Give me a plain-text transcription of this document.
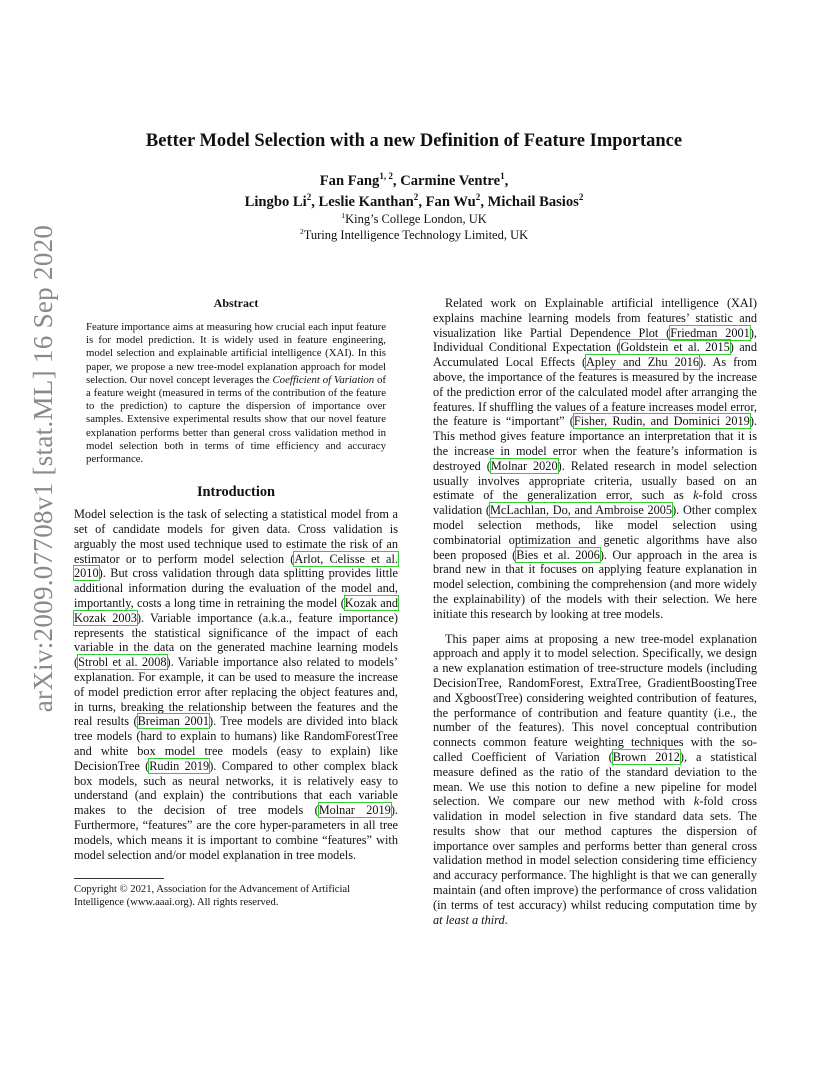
arXiv:2009.07708v1 [stat.ML] 16 Sep 2020
Better Model Selection with a new Definition of Feature Importance
Fan Fang$^{1, 2}$, Carmine Ventre$^1$,
Lingbo Li$^2$, Leslie Kanthan$^2$, Fan Wu$^2$, Michail Basios$^2$
$^1$King’s College London, UK
$^2$Turing Intelligence Technology Limited, UK
Abstract

Feature importance aims at measuring how crucial each input feature is for model prediction. It is widely used in feature engineering, model selection and explainable artificial intelligence (XAI). In this paper, we propose a new tree-model explanation approach for model selection. Our novel concept leverages the Coefficient of Variation of a feature weight (measured in terms of the contribution of the feature to the prediction) to capture the dispersion of importance over samples. Extensive experimental results show that our novel feature explanation performs better than general cross validation method in model selection both in terms of time efficiency and accuracy performance.

Introduction

Model selection is the task of selecting a statistical model from a set of candidate models for given data. Cross validation is arguably the most used technique used to estimate the risk of an estimator or to perform model selection (Arlot, Celisse et al. 2010). But cross validation through data splitting provides little additional information during the evaluation of the model and, importantly, costs a long time in retraining the model (Kozak and Kozak 2003). Variable importance (a.k.a., feature importance) represents the statistical significance of the impact of each variable in the data on the generated machine learning models (Strobl et al. 2008). Variable importance also related to models’ explanation. For example, it can be used to measure the increase of model prediction error after replacing the object features and, in turns, breaking the relationship between the features and the real results (Breiman 2001). Tree models are divided into black tree models (hard to explain to humans) like RandomForestTree and white box model tree models (easy to explain) like DecisionTree (Rudin 2019). Compared to other complex black box models, such as neural networks, it is relatively easy to understand (and explain) the contributions that each variable makes to the decision of tree models (Molnar 2019). Furthermore, “features” are the core hyper-parameters in all tree models, which means it is important to combine “features” with model selection and/or model explanation in tree models.

Copyright © 2021, Association for the Advancement of Artificial Intelligence (www.aaai.org). All rights reserved.

Related work on Explainable artificial intelligence (XAI) explains machine learning models from features’ statistic and visualization like Partial Dependence Plot (Friedman 2001), Individual Conditional Expectation (Goldstein et al. 2015) and Accumulated Local Effects (Apley and Zhu 2016). As from above, the importance of the features is measured by the increase of the prediction error of the calculated model after arranging the features. If shuffling the values of a feature increases model error, the feature is “important” (Fisher, Rudin, and Dominici 2019). This method gives feature importance an interpretation that it is the increase in model error when the feature’s information is destroyed (Molnar 2020). Related research in model selection usually involves appropriate criteria, usually based on an estimate of the generalization error, such as k-fold cross validation (McLachlan, Do, and Ambroise 2005). Other complex model selection methods, like model selection using combinatorial optimization and genetic algorithms have also been proposed (Bies et al. 2006). Our approach in the area is brand new in that it focuses on applying feature explanation in model selection, combining the comprehension (and more widely the explainability) of the models with their selection. We here initiate this research by looking at tree models.

This paper aims at proposing a new tree-model explanation approach and apply it to model selection. Specifically, we design a new explanation estimation of tree-structure models (including DecisionTree, RandomForest, ExtraTree, GradientBoostingTree and XgboostTree) considering weighted contribution of features, the performance of contribution and feature quantity (i.e., the number of the features). This novel conceptual contribution connects common feature weighting techniques with the so-called Coefficient of Variation (Brown 2012), a statistical measure defined as the ratio of the standard deviation to the mean. We use this notion to define a new pipeline for model selection. We compare our new method with k-fold cross validation in model selection in five standard data sets. The results show that our method captures the dispersion of importance over samples and performs better than general cross validation method in model selection considering time efficiency and accuracy performance. The highlight is that we can generally maintain (and often improve) the performance of cross validation (in terms of test accuracy) whilst reducing computation time by at least a third.
